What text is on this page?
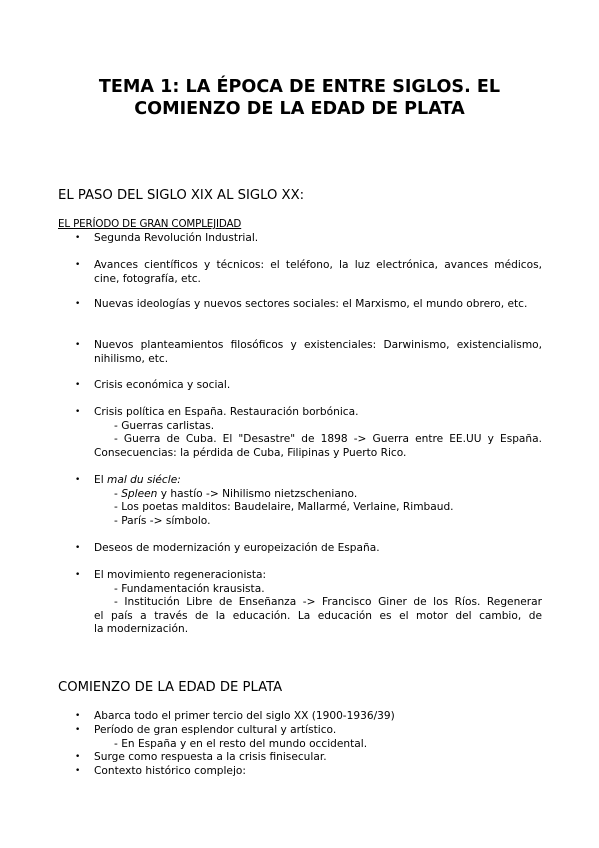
TEMA 1: LA ÉPOCA DE ENTRE SIGLOS. EL
COMIENZO DE LA EDAD DE PLATA
EL PASO DEL SIGLO XIX AL SIGLO XX:
EL PERÍODO DE GRAN COMPLEJIDAD
• Segunda Revolución Industrial.
• Avances científicos y técnicos: el teléfono, la luz electrónica, avances médicos, cine, fotografía, etc.
• Nuevas ideologías y nuevos sectores sociales: el Marxismo, el mundo obrero, etc.
• Nuevos planteamientos filosóficos y existenciales: Darwinismo, existencialismo, nihilismo, etc.
• Crisis económica y social.
• Crisis política en España. Restauración borbónica.
- Guerras carlistas.
- Guerra de Cuba. El "Desastre" de 1898 -> Guerra entre EE.UU y España.
Consecuencias: la pérdida de Cuba, Filipinas y Puerto Rico.
• El mal du siécle:
- Spleen y hastío -> Nihilismo nietzscheniano.
- Los poetas malditos: Baudelaire, Mallarmé, Verlaine, Rimbaud.
- París -> símbolo.
• Deseos de modernización y europeización de España.
• El movimiento regeneracionista:
- Fundamentación krausista.
- Institución Libre de Enseñanza -> Francisco Giner de los Ríos. Regenerar
el país a través de la educación. La educación es el motor del cambio, de
la modernización.
COMIENZO DE LA EDAD DE PLATA
• Abarca todo el primer tercio del siglo XX (1900-1936/39)
• Período de gran esplendor cultural y artístico.
- En España y en el resto del mundo occidental.
• Surge como respuesta a la crisis finisecular.
• Contexto histórico complejo:
